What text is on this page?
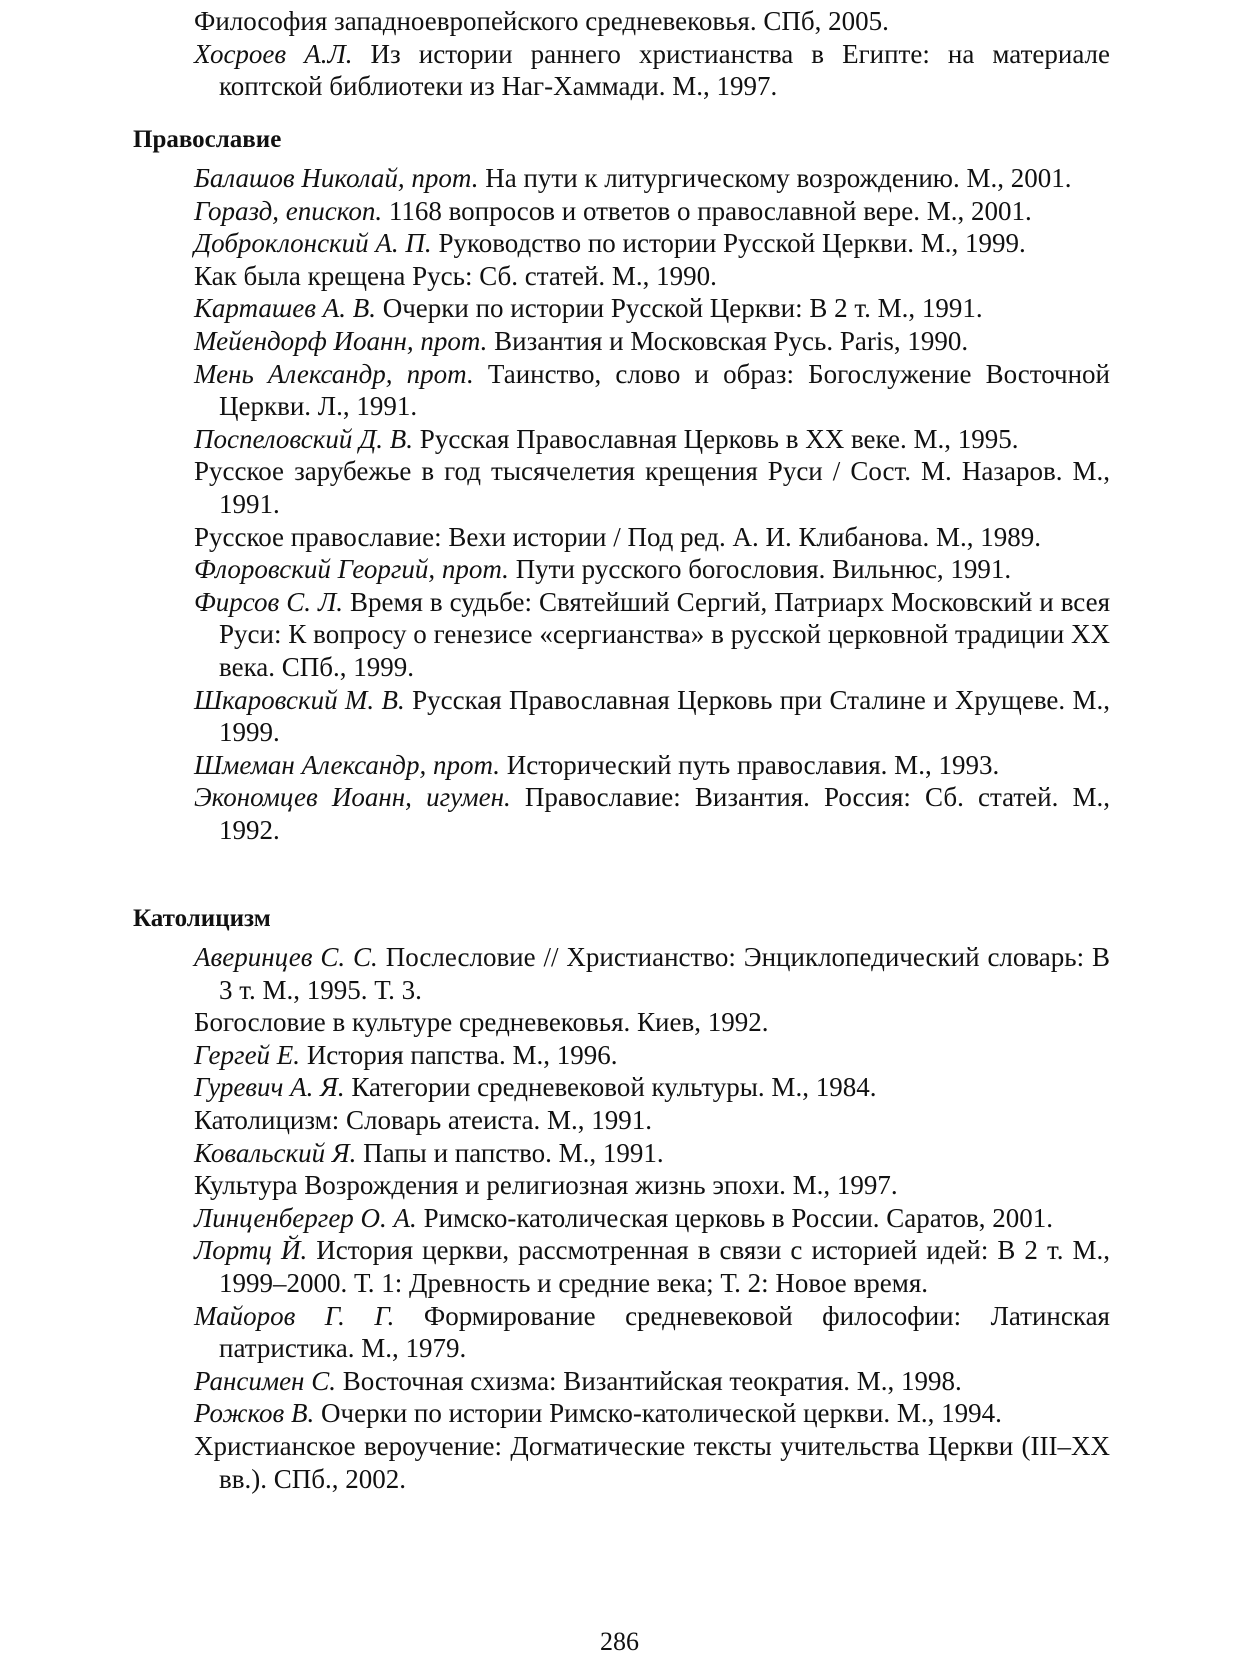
Философия западноевропейского средневековья. СПб, 2005.

Хосроев А.Л. Из истории раннего христианства в Египте: на материале коптской библиотеки из Наг-Хаммади. М., 1997.

Православие

Балашов Николай, прот. На пути к литургическому возрождению. М., 2001.

Горазд, епископ. 1168 вопросов и ответов о православной вере. М., 2001.

Доброклонский А. П. Руководство по истории Русской Церкви. М., 1999.

Как была крещена Русь: Сб. статей. М., 1990.

Карташев А. В. Очерки по истории Русской Церкви: В 2 т. М., 1991.

Мейендорф Иоанн, прот. Византия и Московская Русь. Paris, 1990.

Мень Александр, прот. Таинство, слово и образ: Богослужение Восточной Церкви. Л., 1991.

Поспеловский Д. В. Русская Православная Церковь в XX веке. М., 1995.

Русское зарубежье в год тысячелетия крещения Руси / Сост. М. Назаров. М., 1991.

Русское православие: Вехи истории / Под ред. А. И. Клибанова. М., 1989.

Флоровский Георгий, прот. Пути русского богословия. Вильнюс, 1991.

Фирсов С. Л. Время в судьбе: Святейший Сергий, Патриарх Московский и всея Руси: К вопросу о генезисе «сергианства» в русской церковной традиции XX века. СПб., 1999.

Шкаровский М. В. Русская Православная Церковь при Сталине и Хрущеве. М., 1999.

Шмеман Александр, прот. Исторический путь православия. М., 1993.

Экономцев Иоанн, игумен. Православие: Византия. Россия: Сб. статей. М., 1992.

Католицизм

Аверинцев С. С. Послесловие // Христианство: Энциклопедический словарь: В 3 т. М., 1995. Т. 3.

Богословие в культуре средневековья. Киев, 1992.

Гергей Е. История папства. М., 1996.

Гуревич А. Я. Категории средневековой культуры. М., 1984.

Католицизм: Словарь атеиста. М., 1991.

Ковальский Я. Папы и папство. М., 1991.

Культура Возрождения и религиозная жизнь эпохи. М., 1997.

Линценбергер О. А. Римско-католическая церковь в России. Саратов, 2001.

Лортц Й. История церкви, рассмотренная в связи с историей идей: В 2 т. М., 1999–2000. Т. 1: Древность и средние века; Т. 2: Новое время.

Майоров Г. Г. Формирование средневековой философии: Латинская патристика. М., 1979.

Рансимен С. Восточная схизма: Византийская теократия. М., 1998.

Рожков В. Очерки по истории Римско-католической церкви. М., 1994.

Христианское вероучение: Догматические тексты учительства Церкви (III–XX вв.). СПб., 2002.

286
